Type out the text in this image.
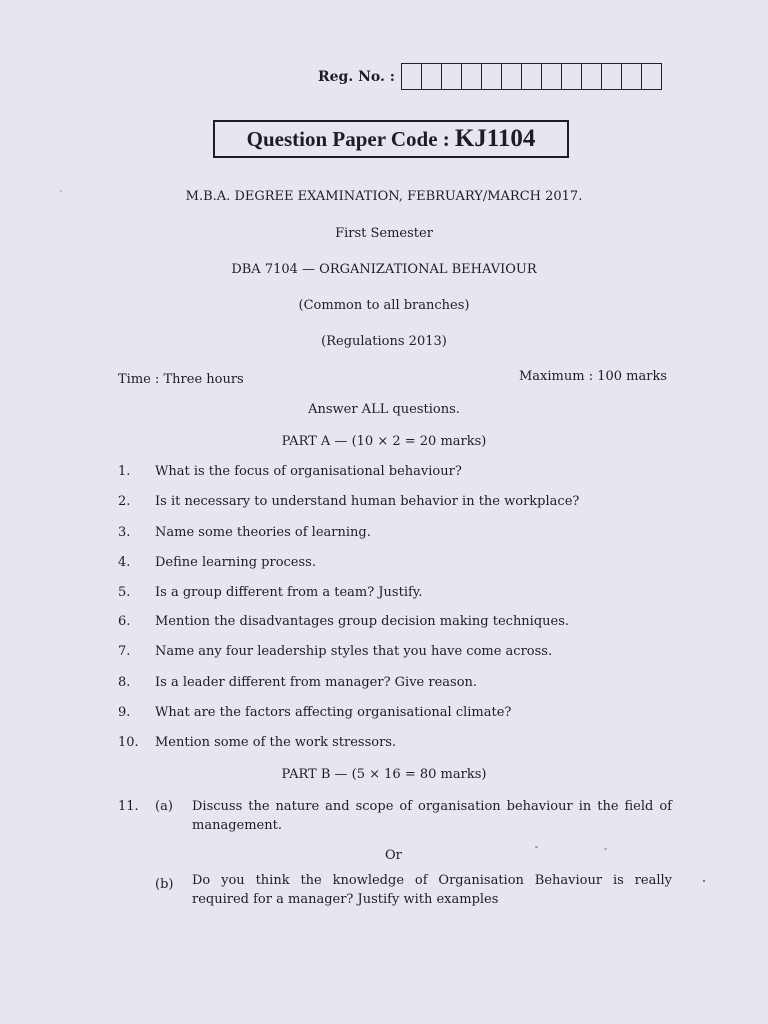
Reg. No. :
Question Paper Code : KJ1104
M.B.A. DEGREE EXAMINATION, FEBRUARY/MARCH 2017.
First Semester
DBA 7104 — ORGANIZATIONAL BEHAVIOUR
(Common to all branches)
(Regulations 2013)
Time : Three hours	Maximum : 100 marks
Answer ALL questions.
PART A — (10 × 2 = 20 marks)
1.	What is the focus of organisational behaviour?
2.	Is it necessary to understand human behavior in the workplace?
3.	Name some theories of learning.
4.	Define learning process.
5.	Is a group different from a team? Justify.
6.	Mention the disadvantages group decision making techniques.
7.	Name any four leadership styles that you have come across.
8.	Is a leader different from manager? Give reason.
9.	What are the factors affecting organisational climate?
10.	Mention some of the work stressors.
PART B — (5 × 16 = 80 marks)
11. (a) Discuss the nature and scope of organisation behaviour in the field of management.
Or
(b) Do you think the knowledge of Organisation Behaviour is really required for a manager? Justify with examples
